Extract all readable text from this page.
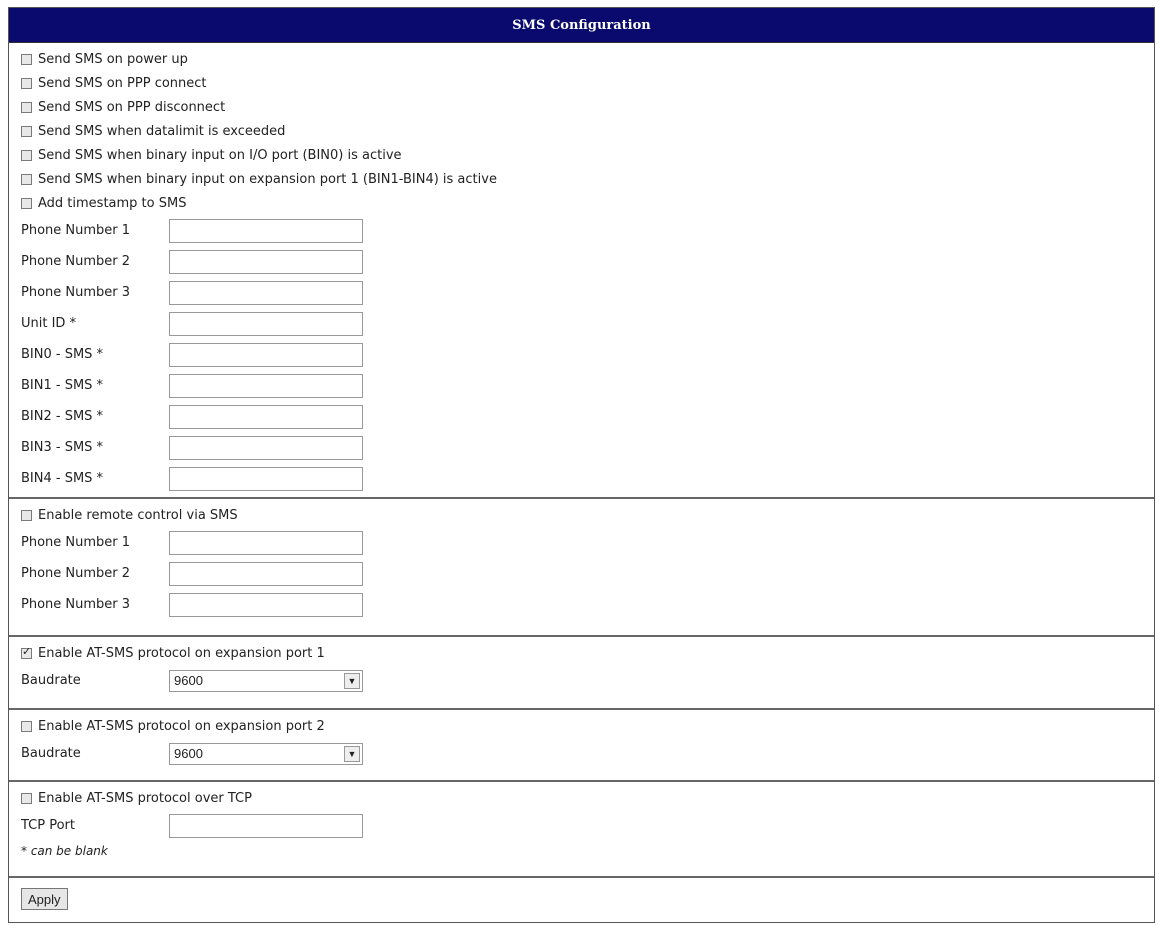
SMS Configuration
Send SMS on power up
Send SMS on PPP connect
Send SMS on PPP disconnect
Send SMS when datalimit is exceeded
Send SMS when binary input on I/O port (BIN0) is active
Send SMS when binary input on expansion port 1 (BIN1-BIN4) is active
Add timestamp to SMS
Phone Number 1
Phone Number 2
Phone Number 3
Unit ID *
BIN0 - SMS *
BIN1 - SMS *
BIN2 - SMS *
BIN3 - SMS *
BIN4 - SMS *
Enable remote control via SMS
Phone Number 1
Phone Number 2
Phone Number 3
✓
Enable AT-SMS protocol on expansion port 1
Baudrate	9600	▼
Enable AT-SMS protocol on expansion port 2
Baudrate	9600	▼
Enable AT-SMS protocol over TCP
TCP Port
* can be blank
Apply
